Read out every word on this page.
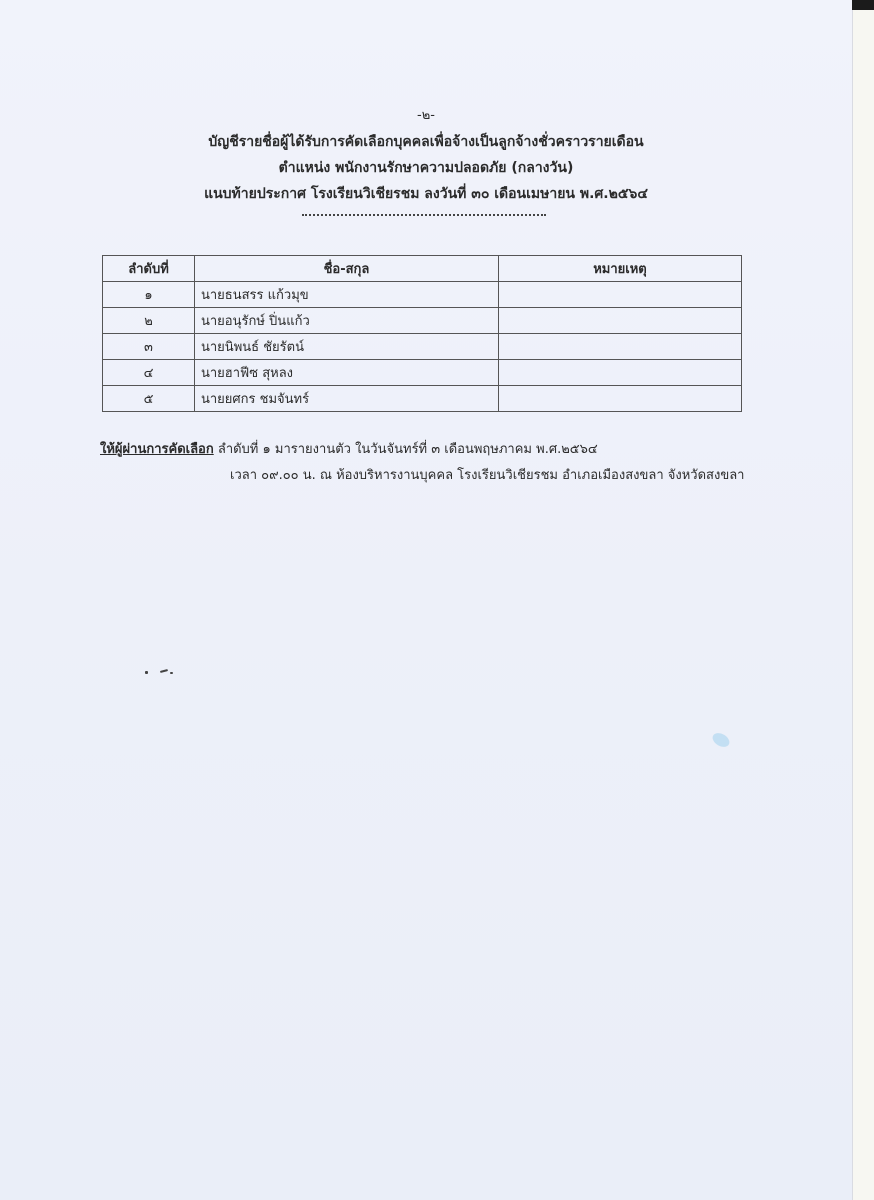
-๒-
บัญชีรายชื่อผู้ได้รับการคัดเลือกบุคคลเพื่อจ้างเป็นลูกจ้างชั่วคราวรายเดือน
ตำแหน่ง พนักงานรักษาความปลอดภัย (กลางวัน)
แนบท้ายประกาศ โรงเรียนวิเชียรชม ลงวันที่ ๓๐ เดือนเมษายน พ.ศ.๒๕๖๔
ลำดับที่	ชื่อ-สกุล	หมายเหตุ
๑	นายธนสรร แก้วมุข	
๒	นายอนุรักษ์ ปิ่นแก้ว	
๓	นายนิพนธ์ ชัยรัตน์	
๔	นายฮาฟีซ สุหลง	
๕	นายยศกร ชมจันทร์	
ให้ผู้ผ่านการคัดเลือก ลำดับที่ ๑ มารายงานตัว ในวันจันทร์ที่ ๓ เดือนพฤษภาคม พ.ศ.๒๕๖๔
เวลา ๐๙.๐๐ น. ณ ห้องบริหารงานบุคคล โรงเรียนวิเชียรชม อำเภอเมืองสงขลา จังหวัดสงขลา
